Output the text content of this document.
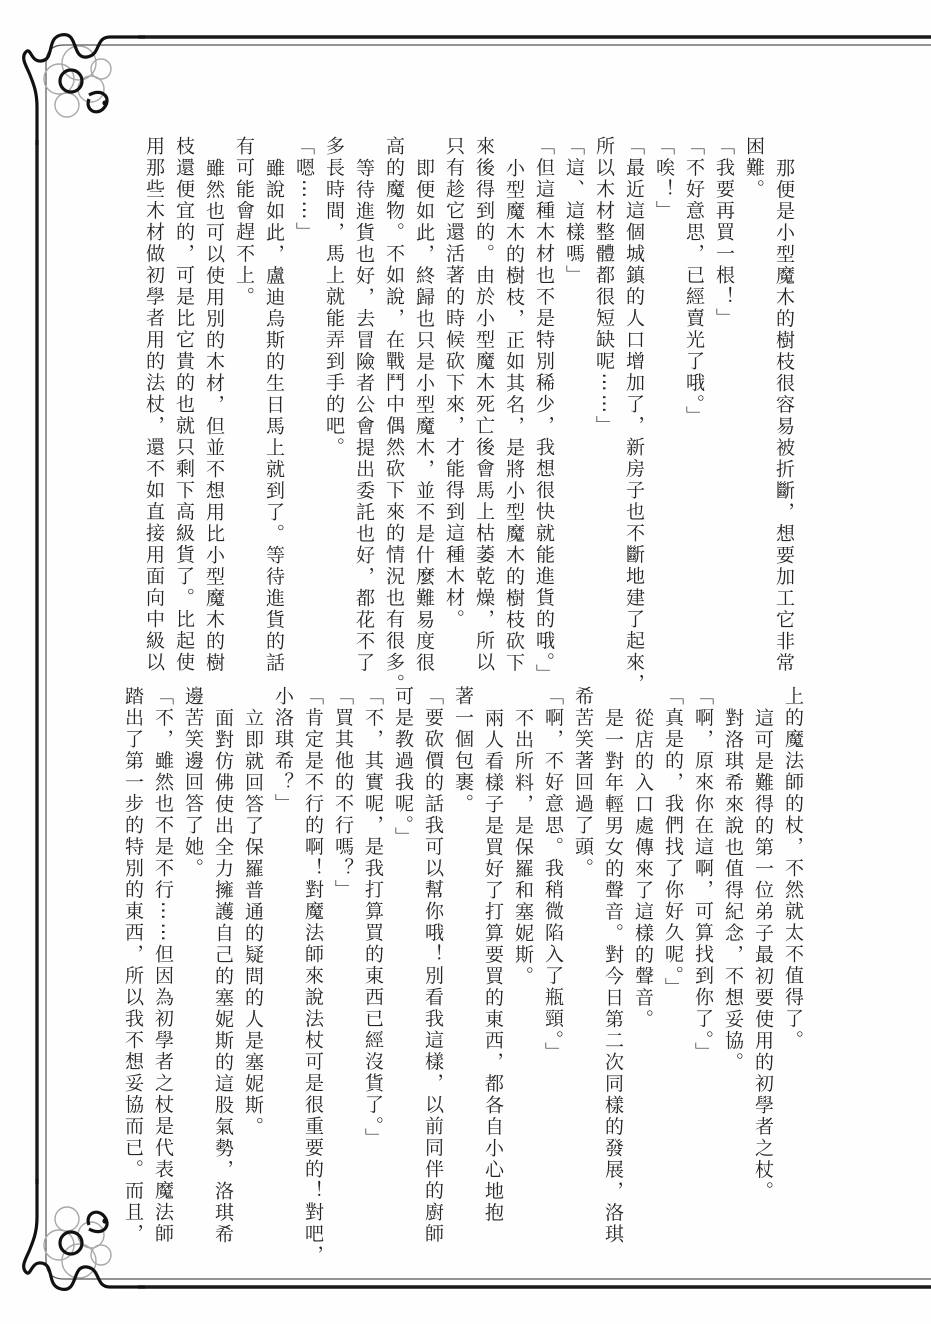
那便是小型魔木的樹枝很容易被折斷，想要加工它非常
困難。
「我要再買一根！」
「不好意思，已經賣光了哦。」
「唉！」
「最近這個城鎮的人口增加了，新房子也不斷地建了起來，
所以木材整體都很短缺呢⋯⋯」
「這、這樣嗎」
「但這種木材也不是特別稀少，我想很快就能進貨的哦。」
小型魔木的樹枝，正如其名，是將小型魔木的樹枝砍下
來後得到的。由於小型魔木死亡後會馬上枯萎乾燥，所以
只有趁它還活著的時候砍下來，才能得到這種木材。
即便如此，終歸也只是小型魔木，並不是什麼難易度很
高的魔物。不如說，在戰鬥中偶然砍下來的情況也有很多。
等待進貨也好，去冒險者公會提出委託也好，都花不了
多長時間，馬上就能弄到手的吧。
「嗯⋯⋯」
雖說如此，盧迪烏斯的生日馬上就到了。等待進貨的話
有可能會趕不上。
雖然也可以使用別的木材，但並不想用比小型魔木的樹
枝還便宜的，可是比它貴的也就只剩下高級貨了。比起使
用那些木材做初學者用的法杖，還不如直接用面向中級以
上的魔法師的杖，不然就太不值得了。
這可是難得的第一位弟子最初要使用的初學者之杖。
對洛琪希來說也值得紀念，不想妥協。
「啊，原來你在這啊，可算找到你了。」
「真是的，我們找了你好久呢。」
從店的入口處傳來了這樣的聲音。
是一對年輕男女的聲音。對今日第二次同樣的發展，洛琪
希苦笑著回過了頭。
「啊，不好意思。我稍微陷入了瓶頸。」
不出所料，是保羅和塞妮斯。
兩人看樣子是買好了打算要買的東西，都各自小心地抱
著一個包裹。
「要砍價的話我可以幫你哦！別看我這樣，以前同伴的廚師
可是教過我呢。」
「不，其實呢，是我打算買的東西已經沒貨了。」
「買其他的不行嗎？」
「肯定是不行的啊！對魔法師來說法杖可是很重要的！對吧，
小洛琪希？」
立即就回答了保羅普通的疑問的人是塞妮斯。
面對仿佛使出全力擁護自己的塞妮斯的這股氣勢，洛琪希
邊苦笑邊回答了她。
「不，雖然也不是不行⋯⋯但因為初學者之杖是代表魔法師
踏出了第一步的特別的東西，所以我不想妥協而已。而且，
